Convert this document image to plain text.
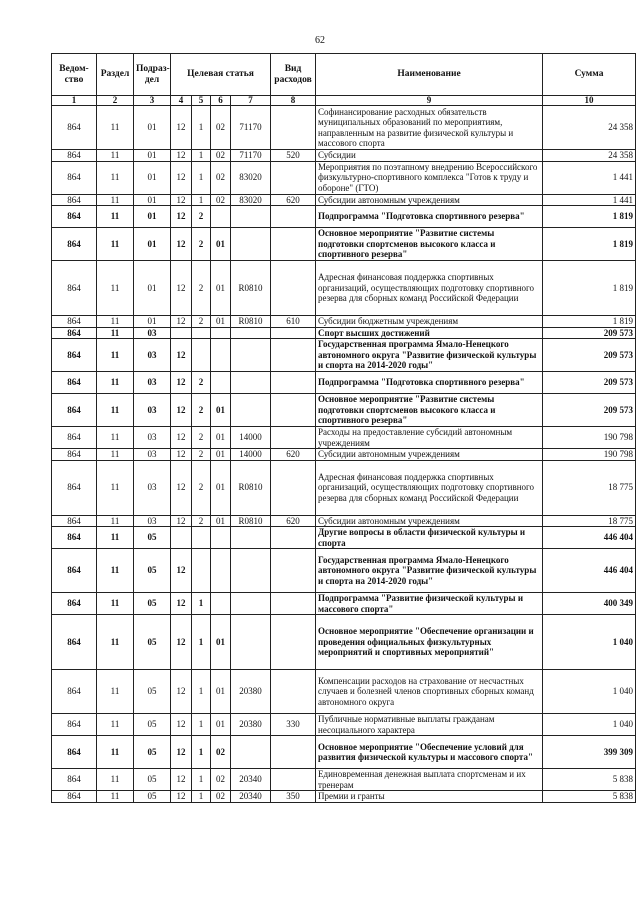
62
Ведом-ство	Раздел	Подраз-дел	Целевая статья				Вид расходов	Наименование	Сумма
1	2	3	4	5	6	7	8	9	10
864	11	01	12	1	02	71170		Софинансирование расходных обязательств муниципальных образований по мероприятиям, направленным на развитие физической культуры и массового спорта	24 358
864	11	01	12	1	02	71170	520	Субсидии	24 358
864	11	01	12	1	02	83020		Мероприятия по поэтапному внедрению Всероссийского физкультурно-спортивного комплекса "Готов к труду и обороне" (ГТО)	1 441
864	11	01	12	1	02	83020	620	Субсидии автономным учреждениям	1 441
864	11	01	12	2				Подпрограмма "Подготовка спортивного резерва"	1 819
864	11	01	12	2	01			Основное мероприятие "Развитие системы подготовки спортсменов высокого класса и спортивного резерва"	1 819
864	11	01	12	2	01	R0810		Адресная финансовая поддержка спортивных организаций, осуществляющих подготовку спортивного резерва для сборных команд Российской Федерации	1 819
864	11	01	12	2	01	R0810	610	Субсидии бюджетным учреждениям	1 819
864	11	03						Спорт высших достижений	209 573
864	11	03	12					Государственная программа Ямало-Ненецкого автономного округа "Развитие физической культуры и спорта на 2014-2020 годы"	209 573
864	11	03	12	2				Подпрограмма "Подготовка спортивного резерва"	209 573
864	11	03	12	2	01			Основное мероприятие "Развитие системы подготовки спортсменов высокого класса и спортивного резерва"	209 573
864	11	03	12	2	01	14000		Расходы на предоставление субсидий автономным учреждениям	190 798
864	11	03	12	2	01	14000	620	Субсидии автономным учреждениям	190 798
864	11	03	12	2	01	R0810		Адресная финансовая поддержка спортивных организаций, осуществляющих подготовку спортивного резерва для сборных команд Российской Федерации	18 775
864	11	03	12	2	01	R0810	620	Субсидии автономным учреждениям	18 775
864	11	05						Другие вопросы в области физической культуры и спорта	446 404
864	11	05	12					Государственная программа Ямало-Ненецкого автономного округа "Развитие физической культуры и спорта на 2014-2020 годы"	446 404
864	11	05	12	1				Подпрограмма "Развитие физической культуры и массового спорта"	400 349
864	11	05	12	1	01			Основное мероприятие "Обеспечение организации и проведения официальных физкультурных мероприятий и спортивных мероприятий"	1 040
864	11	05	12	1	01	20380		Компенсации расходов на страхование от несчастных случаев и болезней членов спортивных сборных команд автономного округа	1 040
864	11	05	12	1	01	20380	330	Публичные нормативные выплаты гражданам несоциального характера	1 040
864	11	05	12	1	02			Основное мероприятие "Обеспечение условий для развития физической культуры и массового спорта"	399 309
864	11	05	12	1	02	20340		Единовременная денежная выплата спортсменам и их тренерам	5 838
864	11	05	12	1	02	20340	350	Премии и гранты	5 838
